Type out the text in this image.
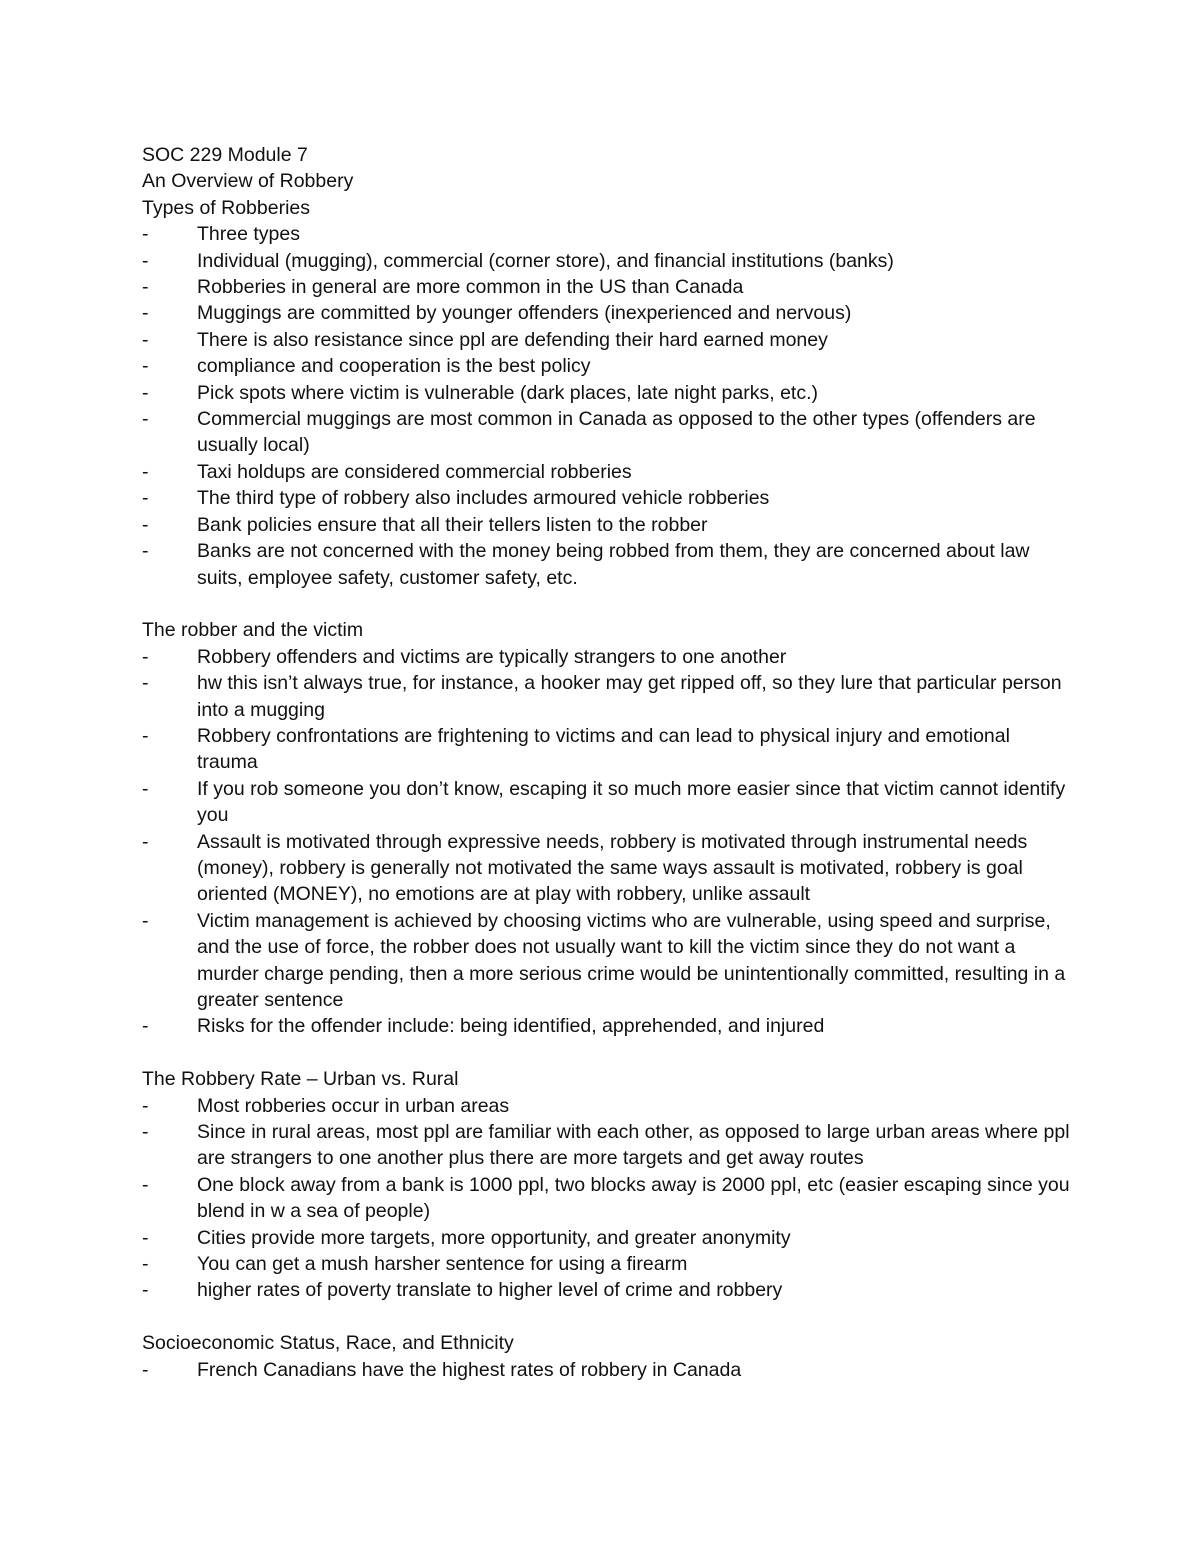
SOC 229 Module 7
An Overview of Robbery
Types of Robberies
-	Three types
-	Individual (mugging), commercial (corner store), and financial institutions (banks)
-	Robberies in general are more common in the US than Canada
-	Muggings are committed by younger offenders (inexperienced and nervous)
-	There is also resistance since ppl are defending their hard earned money
-	compliance and cooperation is the best policy
-	Pick spots where victim is vulnerable (dark places, late night parks, etc.)
-	Commercial muggings are most common in Canada as opposed to the other types (offenders are usually local)
-	Taxi holdups are considered commercial robberies
-	The third type of robbery also includes armoured vehicle robberies
-	Bank policies ensure that all their tellers listen to the robber
-	Banks are not concerned with the money being robbed from them, they are concerned about law suits, employee safety, customer safety, etc.
The robber and the victim
-	Robbery offenders and victims are typically strangers to one another
-	hw this isn’t always true, for instance, a hooker may get ripped off, so they lure that particular person into a mugging
-	Robbery confrontations are frightening to victims and can lead to physical injury and emotional trauma
-	If you rob someone you don’t know, escaping it so much more easier since that victim cannot identify you
-	Assault is motivated through expressive needs, robbery is motivated through instrumental needs (money), robbery is generally not motivated the same ways assault is motivated, robbery is goal oriented (MONEY), no emotions are at play with robbery, unlike assault
-	Victim management is achieved by choosing victims who are vulnerable, using speed and surprise, and the use of force, the robber does not usually want to kill the victim since they do not want a murder charge pending, then a more serious crime would be unintentionally committed, resulting in a greater sentence
-	Risks for the offender include: being identified, apprehended, and injured
The Robbery Rate – Urban vs. Rural
-	Most robberies occur in urban areas
-	Since in rural areas, most ppl are familiar with each other, as opposed to large urban areas where ppl are strangers to one another plus there are more targets and get away routes
-	One block away from a bank is 1000 ppl, two blocks away is 2000 ppl, etc (easier escaping since you blend in w a sea of people)
-	Cities provide more targets, more opportunity, and greater anonymity
-	You can get a mush harsher sentence for using a firearm
-	higher rates of poverty translate to higher level of crime and robbery
Socioeconomic Status, Race, and Ethnicity
-	French Canadians have the highest rates of robbery in Canada
